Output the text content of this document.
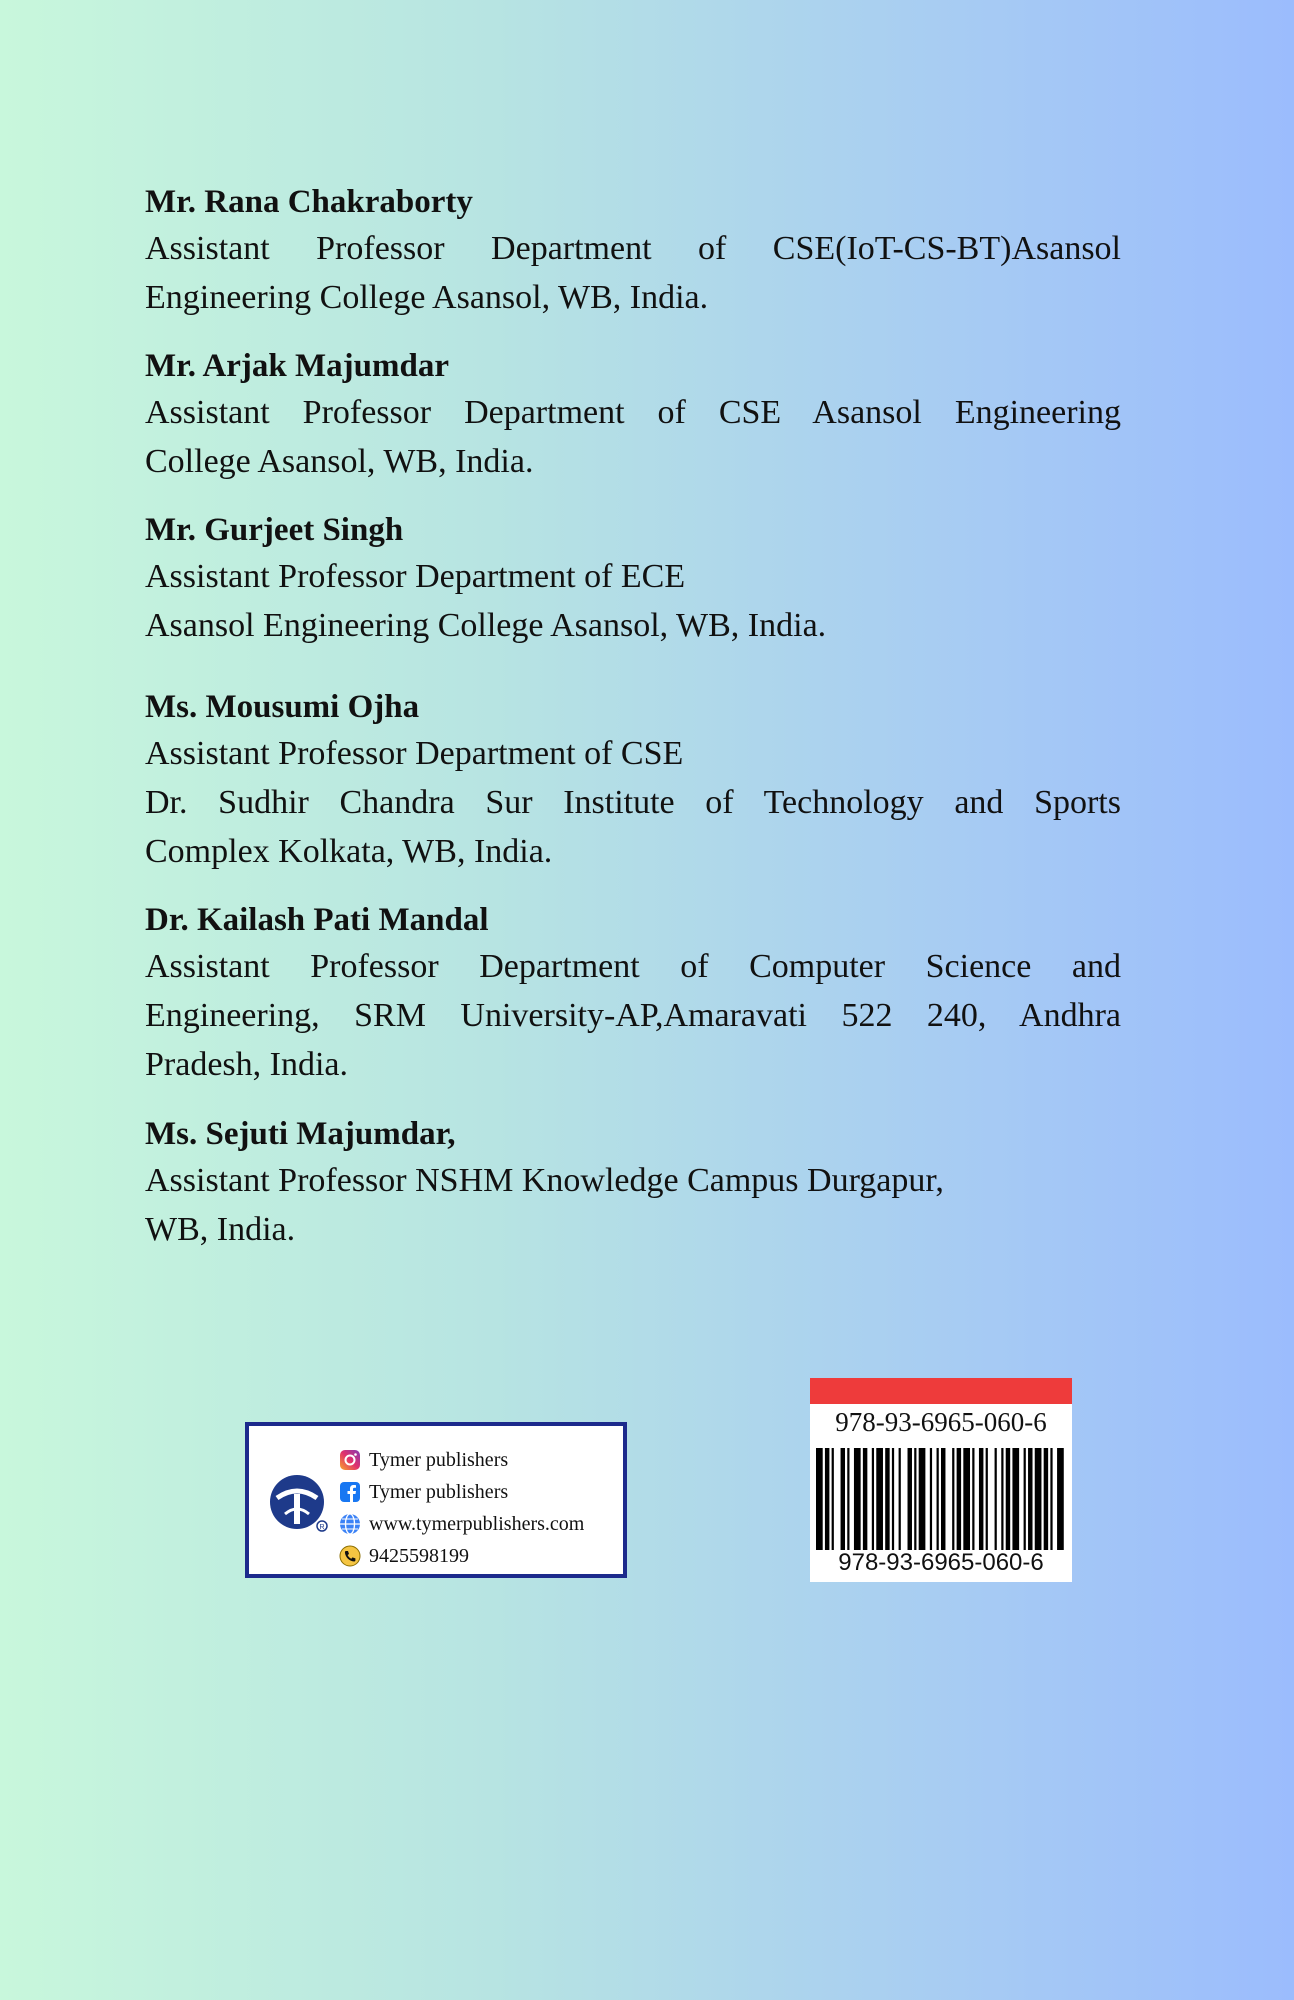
Mr. Rana Chakraborty
Assistant Professor Department of CSE(IoT-CS-BT)Asansol
Engineering College Asansol, WB, India.
Mr. Arjak Majumdar
Assistant Professor Department of CSE Asansol Engineering
College Asansol, WB, India.
Mr. Gurjeet Singh
Assistant Professor Department of ECE
Asansol Engineering College Asansol, WB, India.
Ms. Mousumi Ojha
Assistant Professor Department of CSE
Dr. Sudhir Chandra Sur Institute of Technology and Sports
Complex Kolkata, WB, India.
Dr. Kailash Pati Mandal
Assistant Professor Department of Computer Science and
Engineering, SRM University-AP,Amaravati 522 240, Andhra
Pradesh, India.
Ms. Sejuti Majumdar,
Assistant Professor NSHM Knowledge Campus Durgapur,
WB, India.
R
Tymer publishers
Tymer publishers
www.tymerpublishers.com
9425598199
978-93-6965-060-6
978-93-6965-060-6
